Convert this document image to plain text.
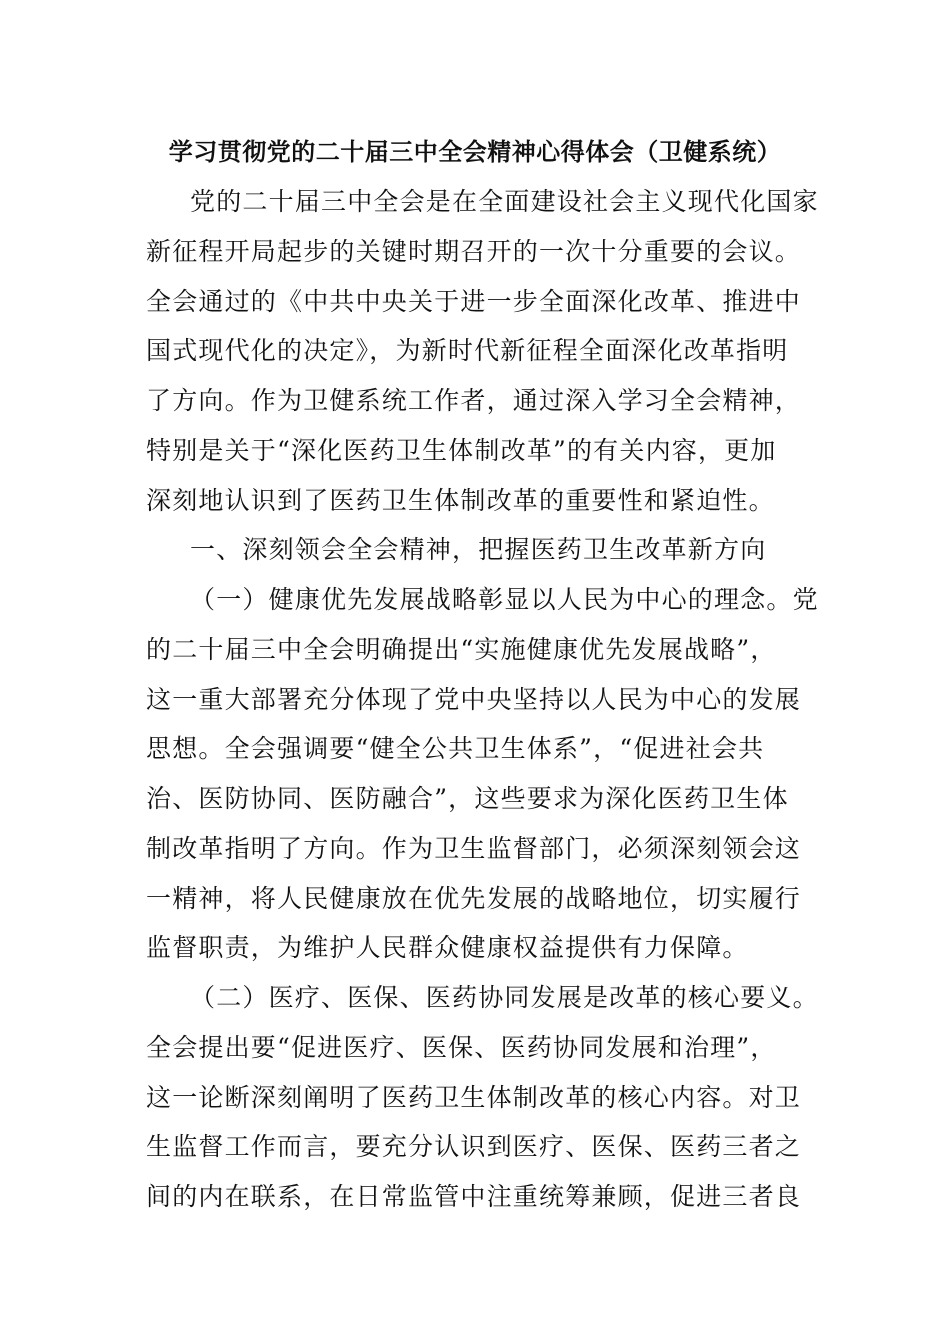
学习贯彻党的二十届三中全会精神心得体会（卫健系统）
党的二十届三中全会是在全面建设社会主义现代化国家
新征程开局起步的关键时期召开的一次十分重要的会议。
全会通过的《中共中央关于进一步全面深化改革、推进中
国式现代化的决定》，为新时代新征程全面深化改革指明
了方向。作为卫健系统工作者，通过深入学习全会精神，
特别是关于“深化医药卫生体制改革”的有关内容，更加
深刻地认识到了医药卫生体制改革的重要性和紧迫性。
一、深刻领会全会精神，把握医药卫生改革新方向
（一）健康优先发展战略彰显以人民为中心的理念。党
的二十届三中全会明确提出“实施健康优先发展战略”，
这一重大部署充分体现了党中央坚持以人民为中心的发展
思想。全会强调要“健全公共卫生体系”，“促进社会共
治、医防协同、医防融合”，这些要求为深化医药卫生体
制改革指明了方向。作为卫生监督部门，必须深刻领会这
一精神，将人民健康放在优先发展的战略地位，切实履行
监督职责，为维护人民群众健康权益提供有力保障。
（二）医疗、医保、医药协同发展是改革的核心要义。
全会提出要“促进医疗、医保、医药协同发展和治理”，
这一论断深刻阐明了医药卫生体制改革的核心内容。对卫
生监督工作而言，要充分认识到医疗、医保、医药三者之
间的内在联系，在日常监管中注重统筹兼顾，促进三者良
